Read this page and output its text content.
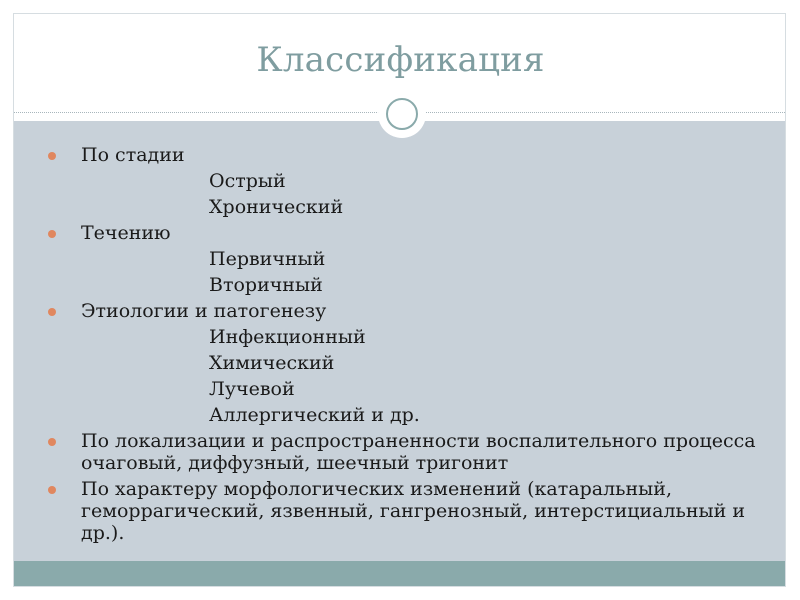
Классификация
По стадии
Острый
Хронический
Течению
Первичный
Вторичный
Этиологии и патогенезу
Инфекционный
Химический
Лучевой
Аллергический и др.
По локализации и распространенности воспалительного процесса очаговый, диффузный, шеечный тригонит
По характеру морфологических изменений (катаральный, геморрагический, язвенный, гангренозный, интерстициальный и др.).
